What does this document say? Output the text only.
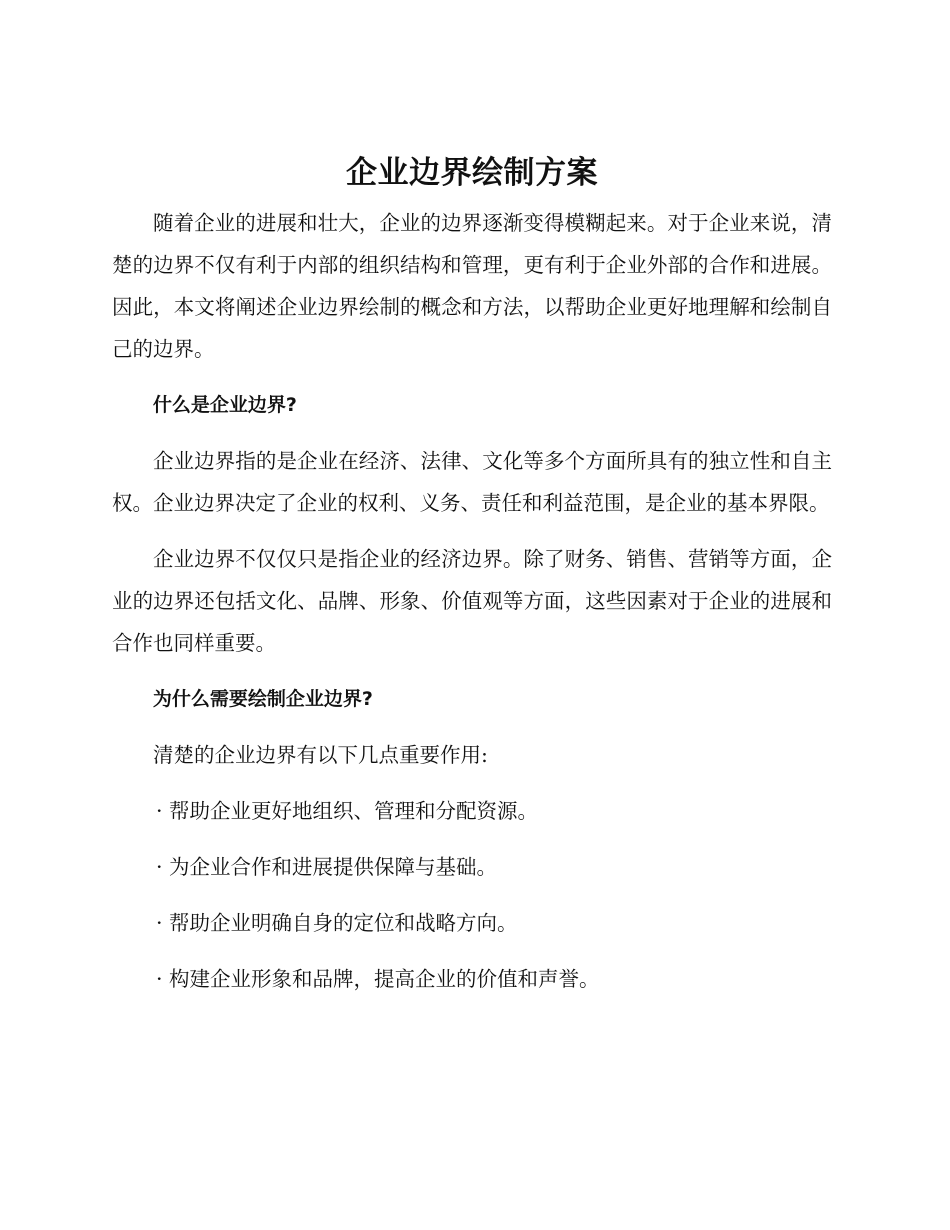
企业边界绘制方案

随着企业的进展和壮大，企业的边界逐渐变得模糊起来。对于企业来说，清楚的边界不仅有利于内部的组织结构和管理，更有利于企业外部的合作和进展。因此，本文将阐述企业边界绘制的概念和方法，以帮助企业更好地理解和绘制自己的边界。

什么是企业边界?

企业边界指的是企业在经济、法律、文化等多个方面所具有的独立性和自主权。企业边界决定了企业的权利、义务、责任和利益范围，是企业的基本界限。

企业边界不仅仅只是指企业的经济边界。除了财务、销售、营销等方面，企业的边界还包括文化、品牌、形象、价值观等方面，这些因素对于企业的进展和合作也同样重要。

为什么需要绘制企业边界?

清楚的企业边界有以下几点重要作用:

· 帮助企业更好地组织、管理和分配资源。
· 为企业合作和进展提供保障与基础。
· 帮助企业明确自身的定位和战略方向。
· 构建企业形象和品牌，提高企业的价值和声誉。
